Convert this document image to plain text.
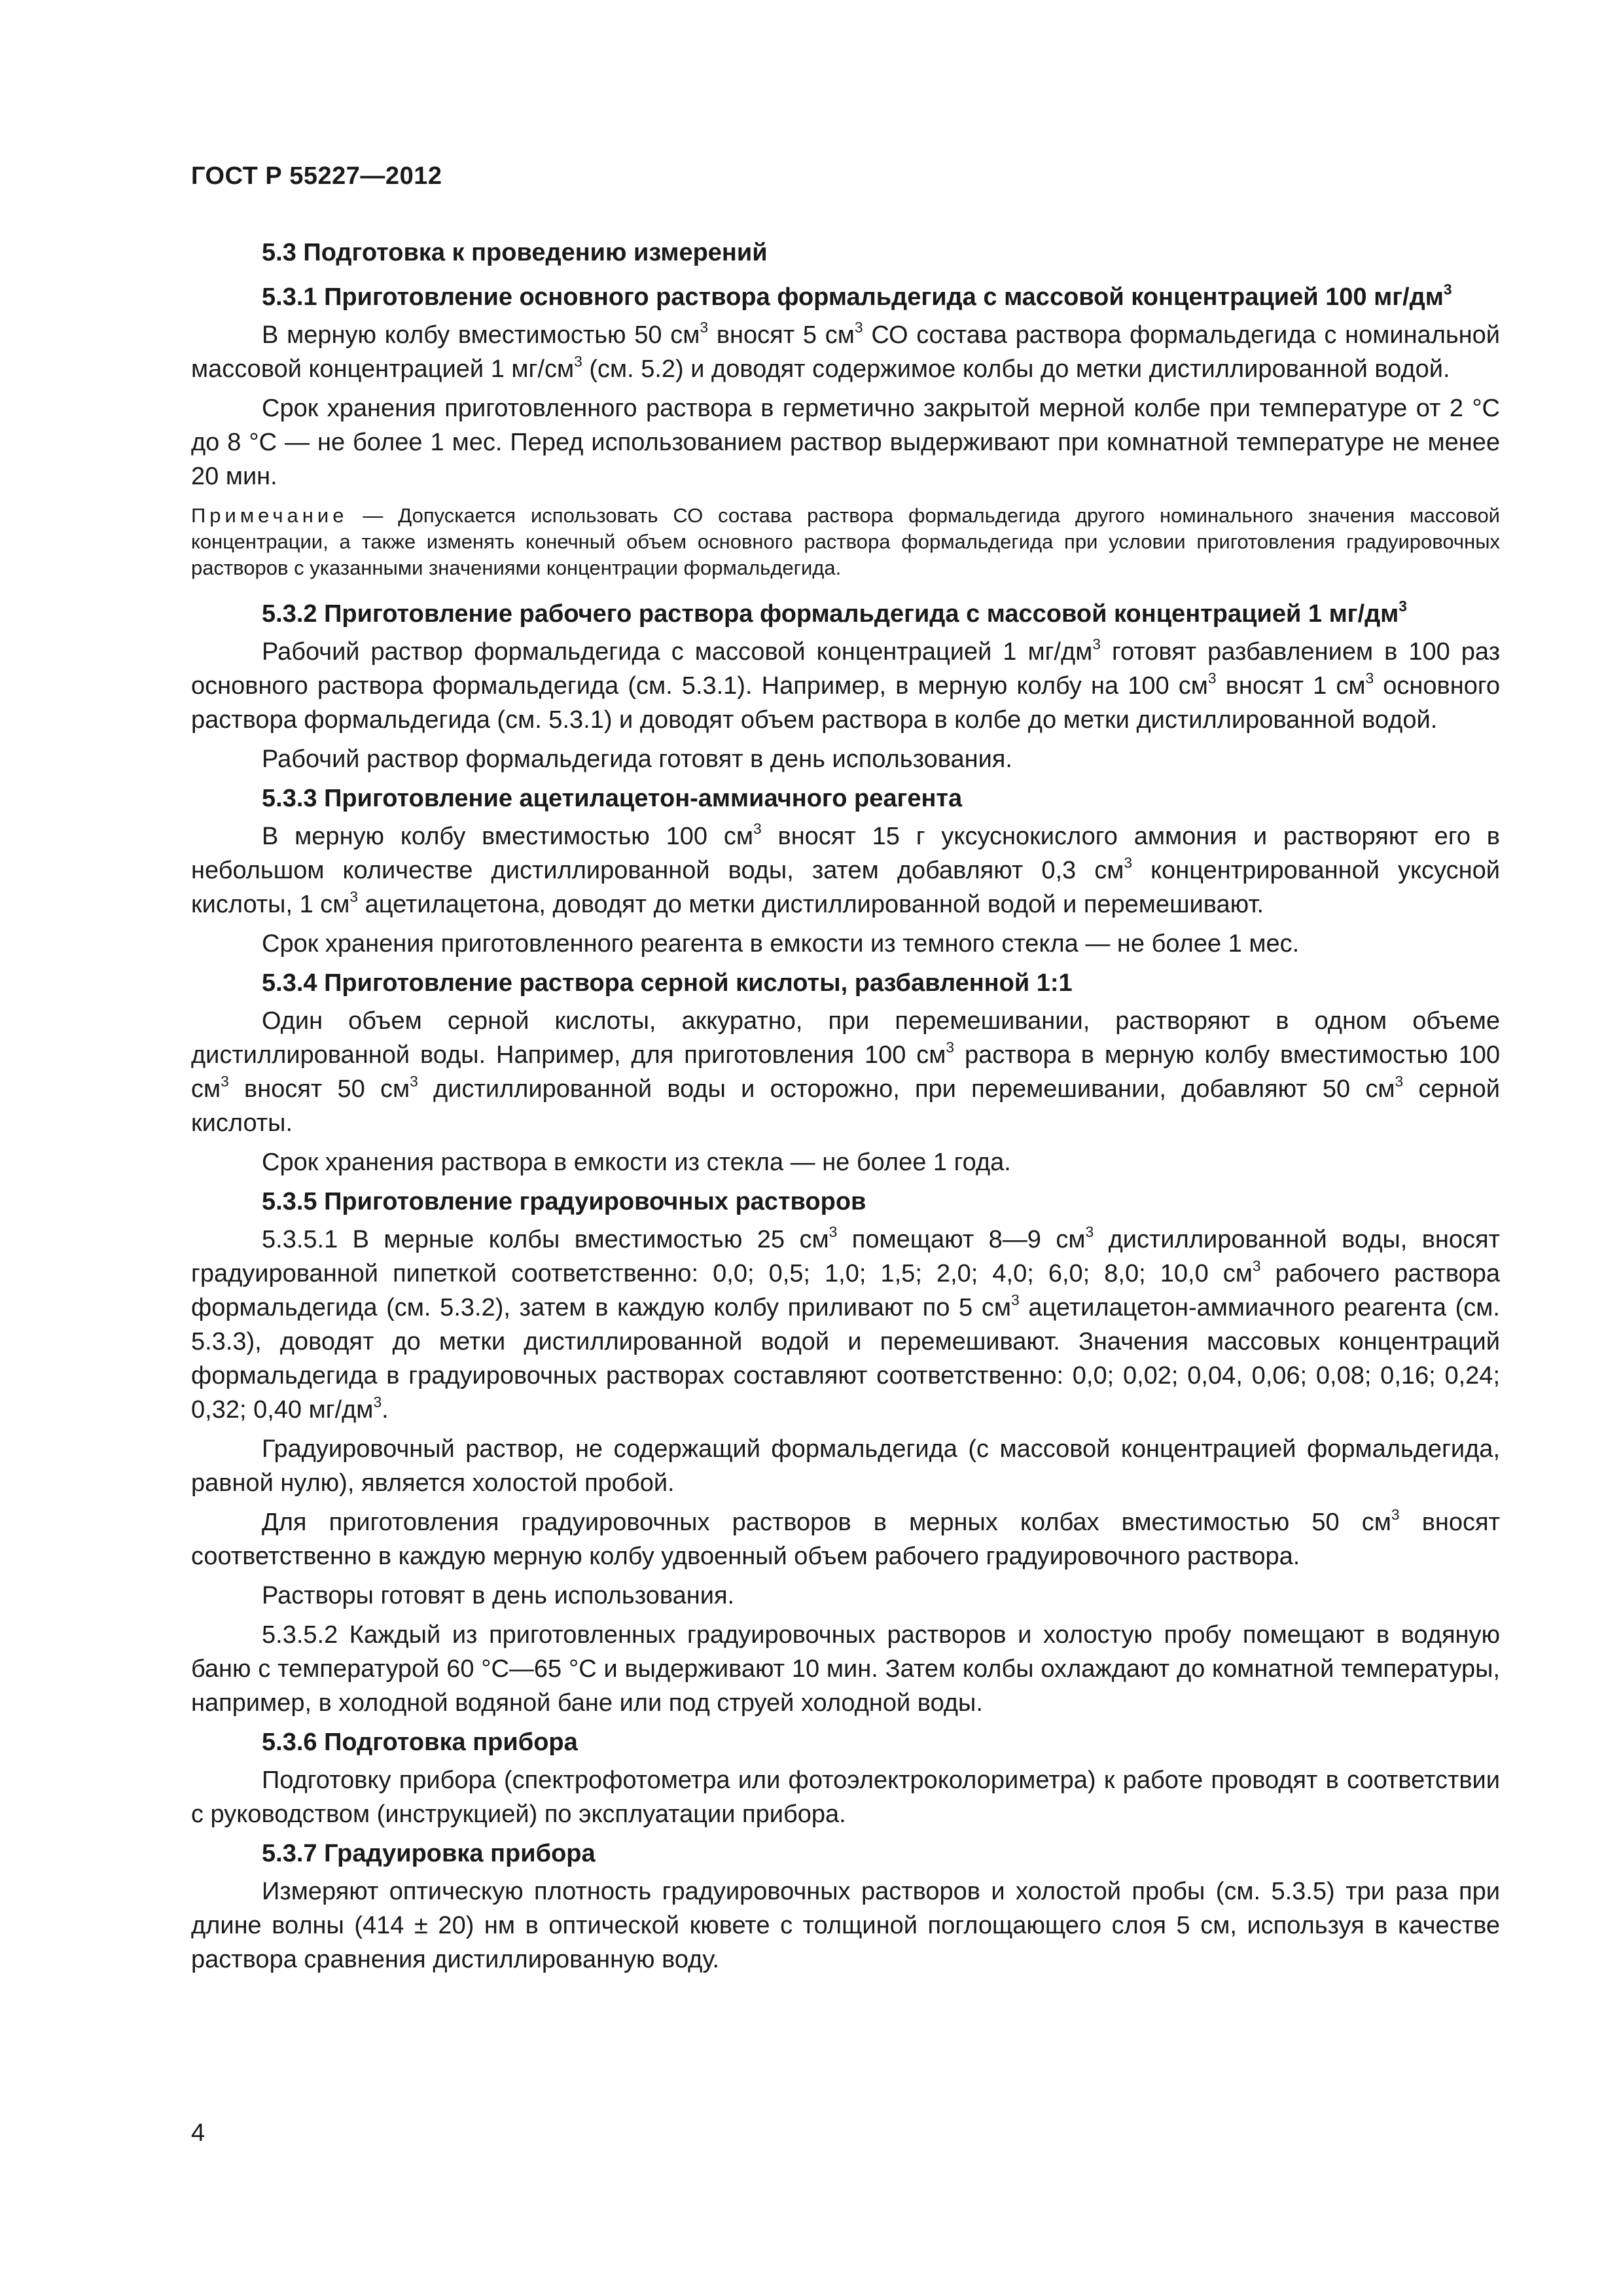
ГОСТ Р 55227—2012
5.3 Подготовка к проведению измерений
5.3.1 Приготовление основного раствора формальдегида с массовой концентрацией 100 $мг/дм^3$
В мерную колбу вместимостью 50 $см^3$ вносят 5 $см^3$ СО состава раствора формальдегида с номинальной массовой концентрацией 1 $мг/см^3$ (см. 5.2) и доводят содержимое колбы до метки дистиллированной водой.
Срок хранения приготовленного раствора в герметично закрытой мерной колбе при температуре от 2 °С до 8 °С — не более 1 мес. Перед использованием раствор выдерживают при комнатной температуре не менее 20 мин.
Примечание — Допускается использовать СО состава раствора формальдегида другого номинального значения массовой концентрации, а также изменять конечный объем основного раствора формальдегида при условии приготовления градуировочных растворов с указанными значениями концентрации формальдегида.
5.3.2 Приготовление рабочего раствора формальдегида с массовой концентрацией 1 $мг/дм^3$
Рабочий раствор формальдегида с массовой концентрацией 1 $мг/дм^3$ готовят разбавлением в 100 раз основного раствора формальдегида (см. 5.3.1). Например, в мерную колбу на 100 $см^3$ вносят 1 $см^3$ основного раствора формальдегида (см. 5.3.1) и доводят объем раствора в колбе до метки дистиллированной водой.
Рабочий раствор формальдегида готовят в день использования.
5.3.3 Приготовление ацетилацетон-аммиачного реагента
В мерную колбу вместимостью 100 $см^3$ вносят 15 г уксуснокислого аммония и растворяют его в небольшом количестве дистиллированной воды, затем добавляют 0,3 $см^3$ концентрированной уксусной кислоты, 1 $см^3$ ацетилацетона, доводят до метки дистиллированной водой и перемешивают.
Срок хранения приготовленного реагента в емкости из темного стекла — не более 1 мес.
5.3.4 Приготовление раствора серной кислоты, разбавленной 1:1
Один объем серной кислоты, аккуратно, при перемешивании, растворяют в одном объеме дистиллированной воды. Например, для приготовления 100 $см^3$ раствора в мерную колбу вместимостью 100 $см^3$ вносят 50 $см^3$ дистиллированной воды и осторожно, при перемешивании, добавляют 50 $см^3$ серной кислоты.
Срок хранения раствора в емкости из стекла — не более 1 года.
5.3.5 Приготовление градуировочных растворов
5.3.5.1 В мерные колбы вместимостью 25 $см^3$ помещают 8—9 $см^3$ дистиллированной воды, вносят градуированной пипеткой соответственно: 0,0; 0,5; 1,0; 1,5; 2,0; 4,0; 6,0; 8,0; 10,0 $см^3$ рабочего раствора формальдегида (см. 5.3.2), затем в каждую колбу приливают по 5 $см^3$ ацетилацетон-аммиачного реагента (см. 5.3.3), доводят до метки дистиллированной водой и перемешивают. Значения массовых концентраций формальдегида в градуировочных растворах составляют соответственно: 0,0; 0,02; 0,04, 0,06; 0,08; 0,16; 0,24; 0,32; 0,40 $мг/дм^3$.
Градуировочный раствор, не содержащий формальдегида (с массовой концентрацией формальдегида, равной нулю), является холостой пробой.
Для приготовления градуировочных растворов в мерных колбах вместимостью 50 $см^3$ вносят соответственно в каждую мерную колбу удвоенный объем рабочего градуировочного раствора.
Растворы готовят в день использования.
5.3.5.2 Каждый из приготовленных градуировочных растворов и холостую пробу помещают в водяную баню с температурой 60 °С—65 °С и выдерживают 10 мин. Затем колбы охлаждают до комнатной температуры, например, в холодной водяной бане или под струей холодной воды.
5.3.6 Подготовка прибора
Подготовку прибора (спектрофотометра или фотоэлектроколориметра) к работе проводят в соответствии с руководством (инструкцией) по эксплуатации прибора.
5.3.7 Градуировка прибора
Измеряют оптическую плотность градуировочных растворов и холостой пробы (см. 5.3.5) три раза при длине волны (414 ± 20) нм в оптической кювете с толщиной поглощающего слоя 5 см, используя в качестве раствора сравнения дистиллированную воду.
4
